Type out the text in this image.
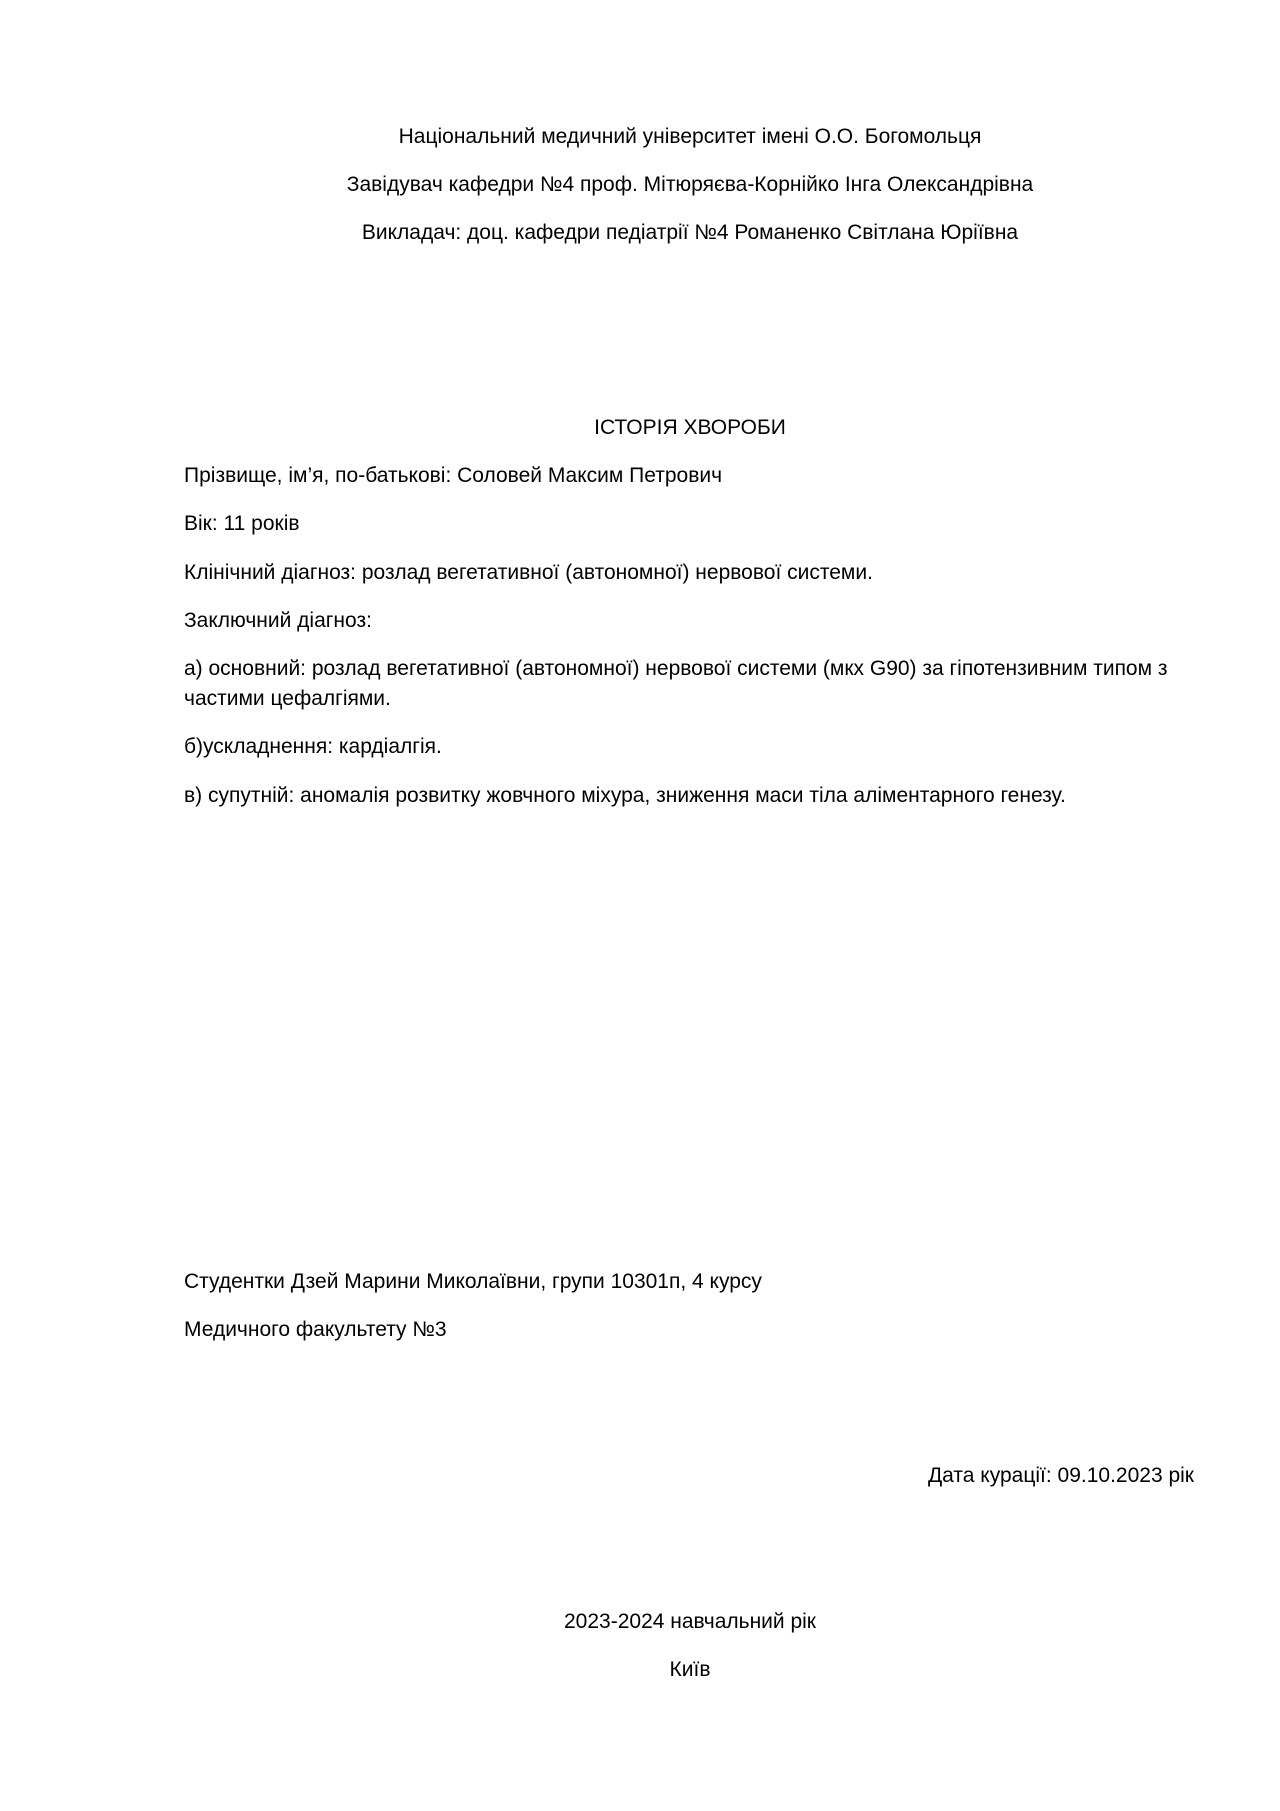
Національний медичний університет імені О.О. Богомольця
Завідувач кафедри №4 проф. Мітюряєва-Корнійко Інга Олександрівна
Викладач: доц. кафедри педіатрії №4 Романенко Світлана Юріївна
ІСТОРІЯ ХВОРОБИ
Прізвище, ім’я, по-батькові: Соловей Максим Петрович
Вік: 11 років
Клінічний діагноз: розлад вегетативної (автономної) нервової системи.
Заключний діагноз:
а) основний: розлад вегетативної (автономної) нервової системи (мкх G90) за гіпотензивним типом з частими цефалгіями.
б)ускладнення: кардіалгія.
в) супутній: аномалія розвитку жовчного міхура, зниження маси тіла аліментарного генезу.
Студентки Дзей Марини Миколаївни, групи 10301п, 4 курсу
Медичного факультету №3
Дата курації: 09.10.2023 рік
2023-2024 навчальний рік
Київ
